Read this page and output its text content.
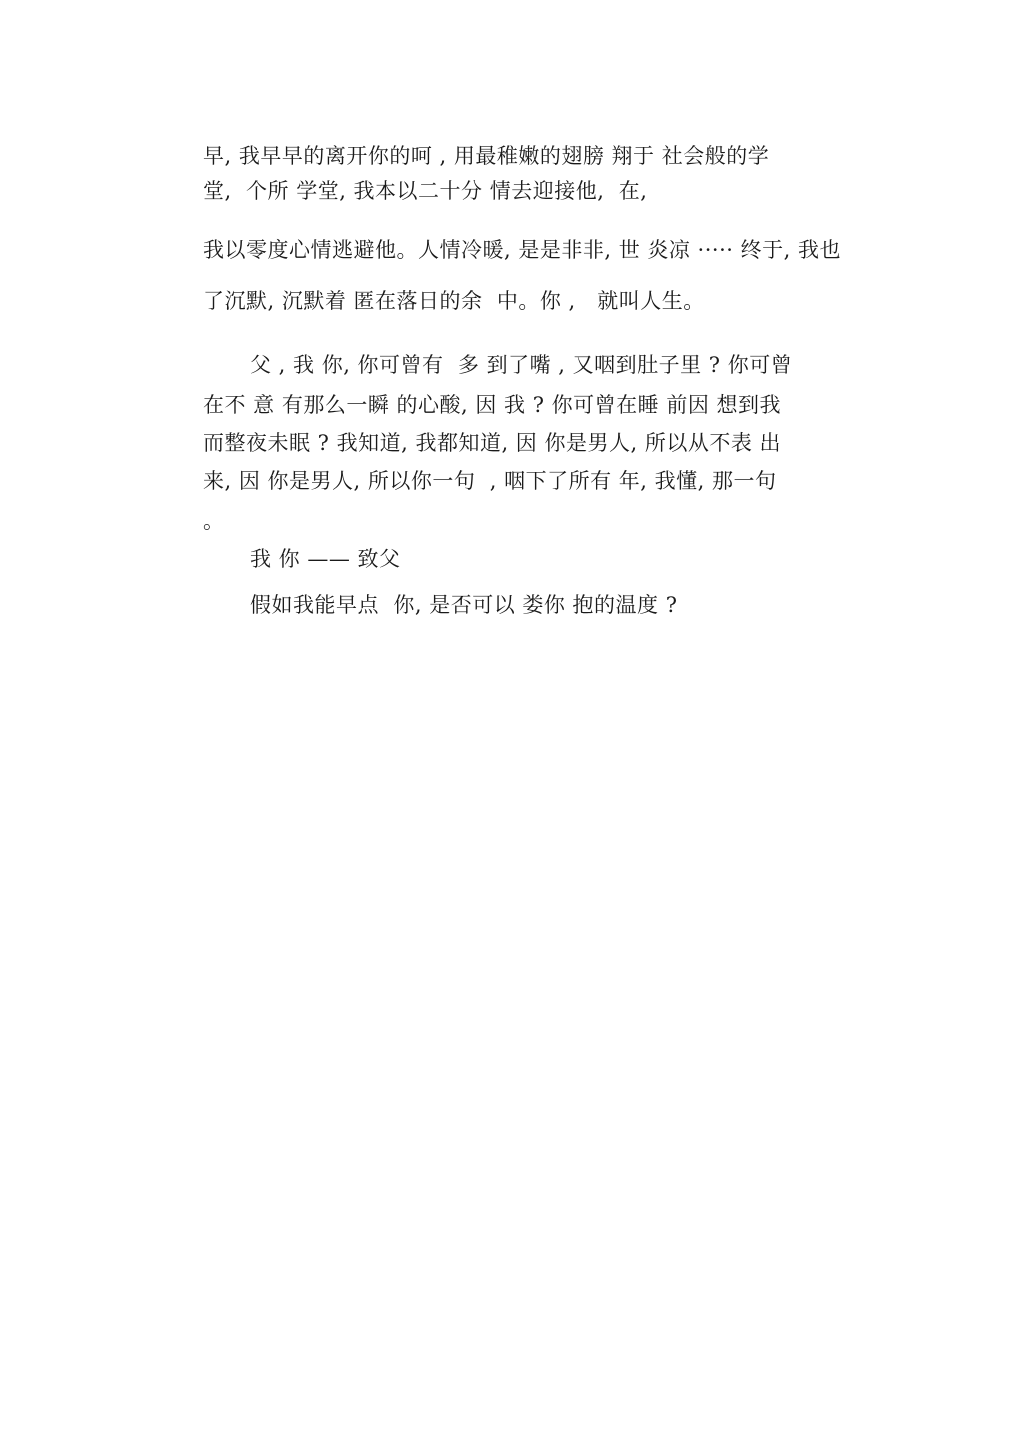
早, 我早早的离开你的呵 , 用最稚嫩的翅膀 翔于 社会般的学
堂,  个所 学堂, 我本以二十分 情去迎接他,  在,
我以零度心情逃避他。人情冷暖, 是是非非, 世 炎凉 ····· 终于, 我也
了沉默, 沉默着 匿在落日的余  中。你 ,   就叫人生。
父 , 我 你, 你可曾有  多 到了嘴 , 又咽到肚子里 ? 你可曾
在不 意 有那么一瞬 的心酸, 因 我 ? 你可曾在睡 前因 想到我
而整夜未眠 ? 我知道, 我都知道, 因 你是男人, 所以从不表 出
来, 因 你是男人, 所以你一句  , 咽下了所有 年, 我懂, 那一句
。
我 你 —— 致父
假如我能早点  你, 是否可以 娄你 抱的温度 ?
